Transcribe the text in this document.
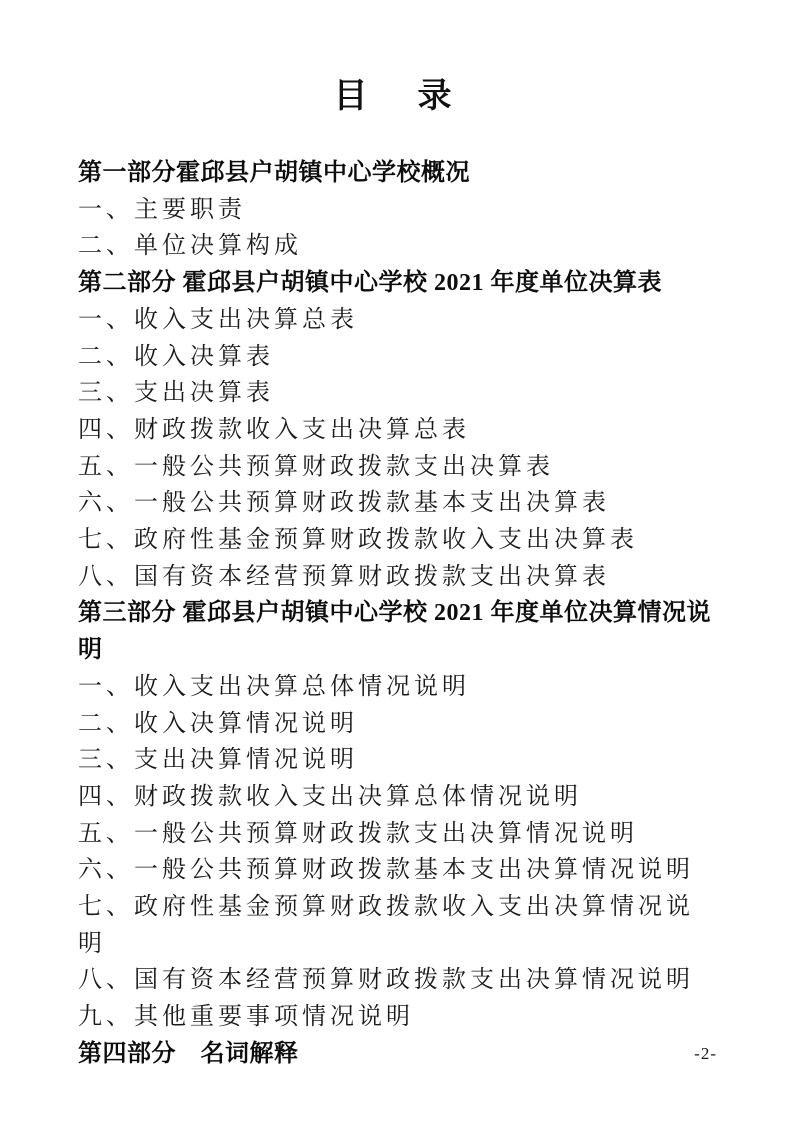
目　录
第一部分霍邱县户胡镇中心学校概况
一、主要职责
二、单位决算构成
第二部分 霍邱县户胡镇中心学校 2021 年度单位决算表
一、收入支出决算总表
二、收入决算表
三、支出决算表
四、财政拨款收入支出决算总表
五、一般公共预算财政拨款支出决算表
六、一般公共预算财政拨款基本支出决算表
七、政府性基金预算财政拨款收入支出决算表
八、国有资本经营预算财政拨款支出决算表
第三部分 霍邱县户胡镇中心学校 2021 年度单位决算情况说明
一、收入支出决算总体情况说明
二、收入决算情况说明
三、支出决算情况说明
四、财政拨款收入支出决算总体情况说明
五、一般公共预算财政拨款支出决算情况说明
六、一般公共预算财政拨款基本支出决算情况说明
七、政府性基金预算财政拨款收入支出决算情况说明
八、国有资本经营预算财政拨款支出决算情况说明
九、其他重要事项情况说明
第四部分　名词解释	-2-
